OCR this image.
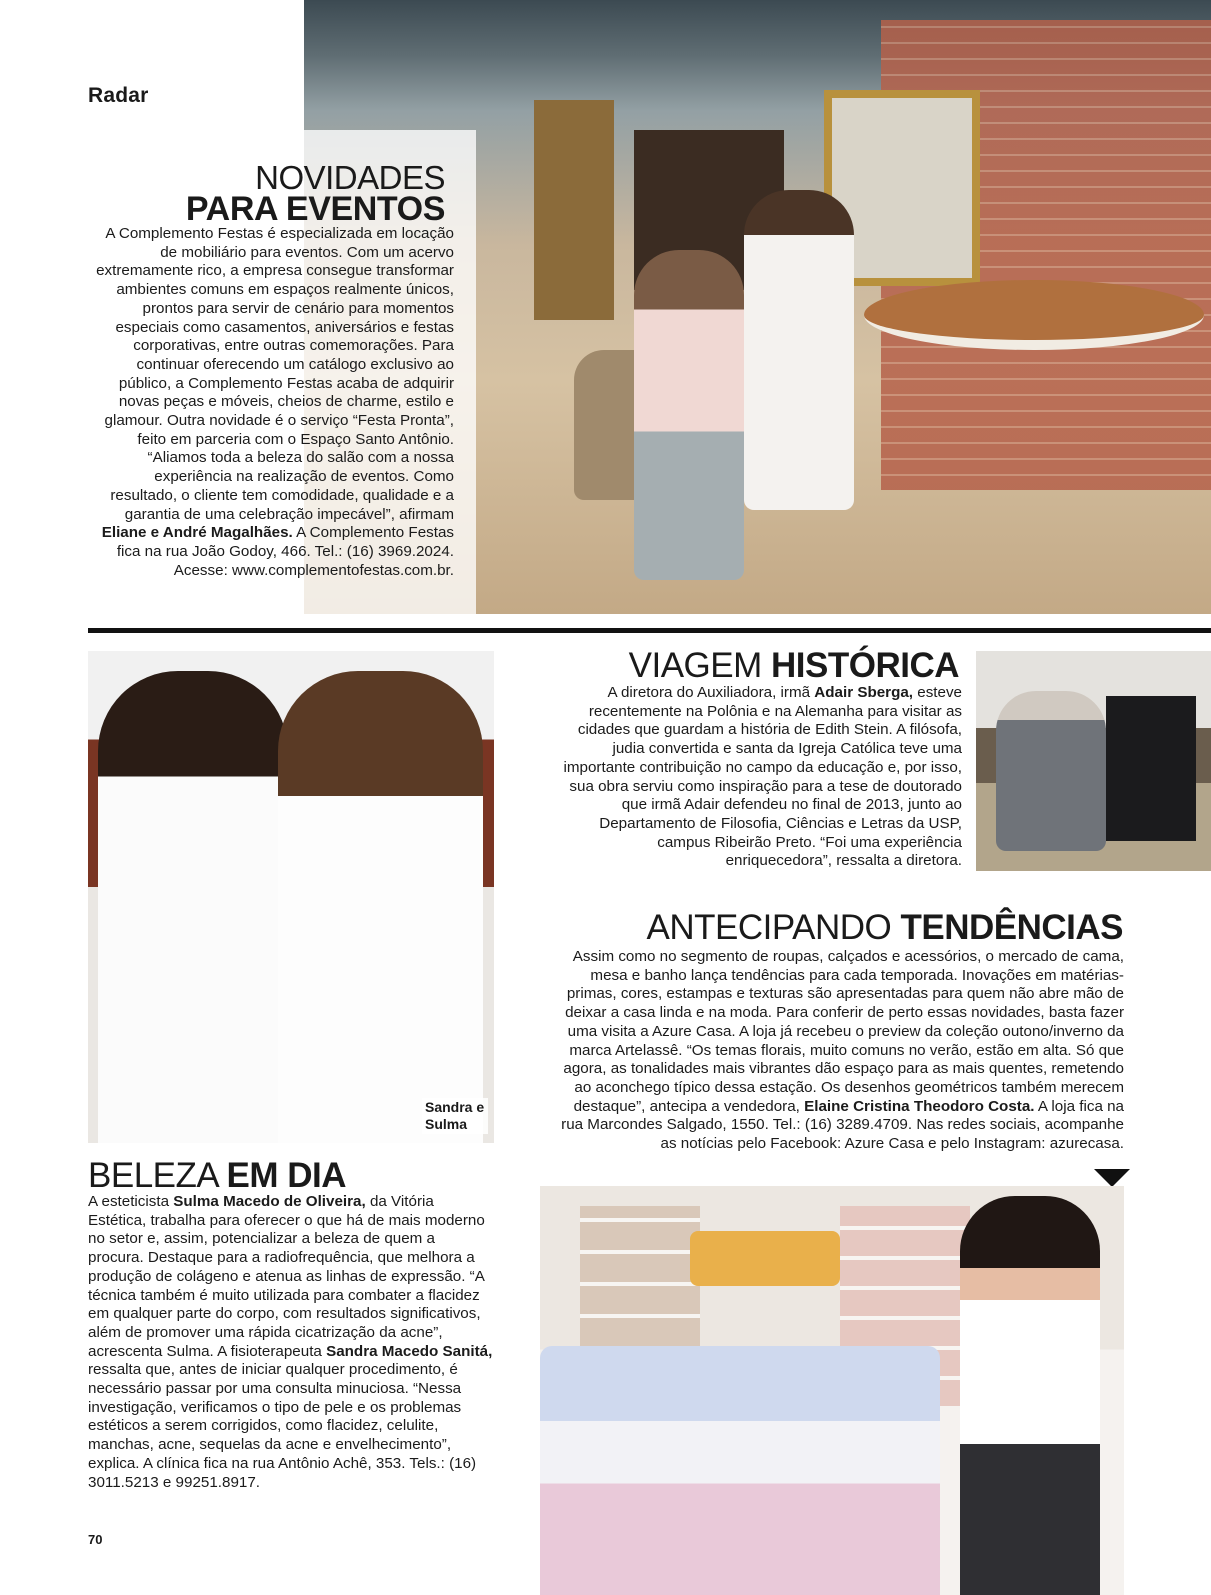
Radar
NOVIDADES
PARA EVENTOS
A Complemento Festas é especializada em locação de mobiliário para eventos. Com um acervo extremamente rico, a empresa consegue transformar ambientes comuns em espaços realmente únicos, prontos para servir de cenário para momentos especiais como casamentos, aniversários e festas corporativas, entre outras comemorações. Para continuar oferecendo um catálogo exclusivo ao público, a Complemento Festas acaba de adquirir novas peças e móveis, cheios de charme, estilo e glamour. Outra novidade é o serviço “Festa Pronta”, feito em parceria com o Espaço Santo Antônio. “Aliamos toda a beleza do salão com a nossa experiência na realização de eventos. Como resultado, o cliente tem comodidade, qualidade e a garantia de uma celebração impecável”, afirmam Eliane e André Magalhães. A Complemento Festas fica na rua João Godoy, 466. Tel.: (16) 3969.2024. Acesse: www.complementofestas.com.br.
Sandra e Sulma
VIAGEM HISTÓRICA
A diretora do Auxiliadora, irmã Adair Sberga, esteve recentemente na Polônia e na Alemanha para visitar as cidades que guardam a história de Edith Stein. A filósofa, judia convertida e santa da Igreja Católica teve uma importante contribuição no campo da educação e, por isso, sua obra serviu como inspiração para a tese de doutorado que irmã Adair defendeu no final de 2013, junto ao Departamento de Filosofia, Ciências e Letras da USP, campus Ribeirão Preto. “Foi uma experiência enriquecedora”, ressalta a diretora.
ANTECIPANDO TENDÊNCIAS
Assim como no segmento de roupas, calçados e acessórios, o mercado de cama, mesa e banho lança tendências para cada temporada. Inovações em matérias-primas, cores, estampas e texturas são apresentadas para quem não abre mão de deixar a casa linda e na moda. Para conferir de perto essas novidades, basta fazer uma visita a Azure Casa. A loja já recebeu o preview da coleção outono/inverno da marca Artelassê. “Os temas florais, muito comuns no verão, estão em alta. Só que agora, as tonalidades mais vibrantes dão espaço para as mais quentes, remetendo ao aconchego típico dessa estação. Os desenhos geométricos também merecem destaque”, antecipa a vendedora, Elaine Cristina Theodoro Costa. A loja fica na rua Marcondes Salgado, 1550. Tel.: (16) 3289.4709. Nas redes sociais, acompanhe as notícias pelo Facebook: Azure Casa e pelo Instagram: azurecasa.
BELEZA EM DIA
A esteticista Sulma Macedo de Oliveira, da Vitória Estética, trabalha para oferecer o que há de mais moderno no setor e, assim, potencializar a beleza de quem a procura. Destaque para a radiofrequência, que melhora a produção de colágeno e atenua as linhas de expressão. “A técnica também é muito utilizada para combater a flacidez em qualquer parte do corpo, com resultados significativos, além de promover uma rápida cicatrização da acne”, acrescenta Sulma. A fisioterapeuta Sandra Macedo Sanitá, ressalta que, antes de iniciar qualquer procedimento, é necessário passar por uma consulta minuciosa. “Nessa investigação, verificamos o tipo de pele e os problemas estéticos a serem corrigidos, como flacidez, celulite, manchas, acne, sequelas da acne e envelhecimento”, explica. A clínica fica na rua Antônio Achê, 353. Tels.: (16) 3011.5213 e 99251.8917.
70
